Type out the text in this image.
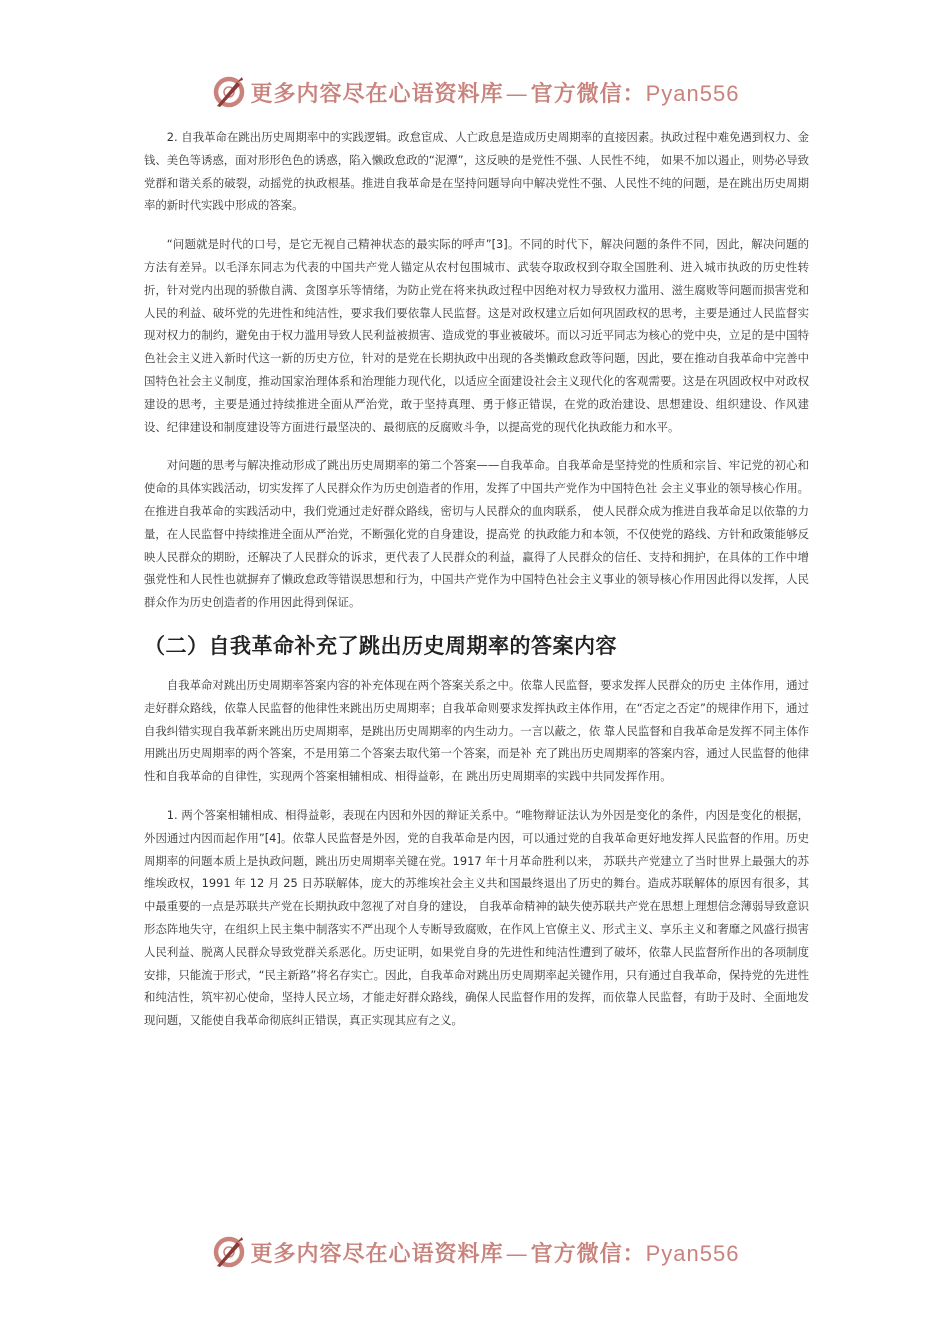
更多内容尽在心语资料库—官方微信：Pyan556

2. 自我革命在跳出历史周期率中的实践逻辑。政怠宦成、人亡政息是造成历史周期率的直接因素。执政过程中难免遇到权力、金钱、美色等诱惑，面对形形色色的诱惑，陷入懒政怠政的“泥潭”，这反映的是党性不强、人民性不纯， 如果不加以遏止，则势必导致党群和谐关系的破裂，动摇党的执政根基。推进自我革命是在坚持问题导向中解决党性不强、人民性不纯的问题，是在跳出历史周期率的新时代实践中形成的答案。

“问题就是时代的口号，是它无视自己精神状态的最实际的呼声”[3]。不同的时代下，解决问题的条件不同，因此，解决问题的方法有差异。以毛泽东同志为代表的中国共产党人锚定从农村包围城市、武装夺取政权到夺取全国胜利、进入城市执政的历史性转折，针对党内出现的骄傲自满、贪图享乐等情绪，为防止党在将来执政过程中因绝对权力导致权力滥用、滋生腐败等问题而损害党和人民的利益、破坏党的先进性和纯洁性，要求我们要依靠人民监督。这是对政权建立后如何巩固政权的思考，主要是通过人民监督实现对权力的制约，避免由于权力滥用导致人民利益被损害、造成党的事业被破坏。而以习近平同志为核心的党中央，立足的是中国特色社会主义进入新时代这一新的历史方位，针对的是党在长期执政中出现的各类懒政怠政等问题，因此，要在推动自我革命中完善中国特色社会主义制度，推动国家治理体系和治理能力现代化，以适应全面建设社会主义现代化的客观需要。这是在巩固政权中对政权建设的思考，主要是通过持续推进全面从严治党，敢于坚持真理、勇于修正错误，在党的政治建设、思想建设、组织建设、作风建设、纪律建设和制度建设等方面进行最坚决的、最彻底的反腐败斗争，以提高党的现代化执政能力和水平。

对问题的思考与解决推动形成了跳出历史周期率的第二个答案——自我革命。自我革命是坚持党的性质和宗旨、牢记党的初心和使命的具体实践活动，切实发挥了人民群众作为历史创造者的作用，发挥了中国共产党作为中国特色社 会主义事业的领导核心作用。在推进自我革命的实践活动中，我们党通过走好群众路线，密切与人民群众的血肉联系， 使人民群众成为推进自我革命足以依靠的力量，在人民监督中持续推进全面从严治党，不断强化党的自身建设，提高党 的执政能力和本领，不仅使党的路线、方针和政策能够反映人民群众的期盼，还解决了人民群众的诉求，更代表了人民群众的利益，赢得了人民群众的信任、支持和拥护，在具体的工作中增强党性和人民性也就摒弃了懒政怠政等错误思想和行为，中国共产党作为中国特色社会主义事业的领导核心作用因此得以发挥，人民群众作为历史创造者的作用因此得到保证。

（二）自我革命补充了跳出历史周期率的答案内容

自我革命对跳出历史周期率答案内容的补充体现在两个答案关系之中。依靠人民监督，要求发挥人民群众的历史 主体作用，通过走好群众路线，依靠人民监督的他律性来跳出历史周期率；自我革命则要求发挥执政主体作用，在“否定之否定”的规律作用下，通过自我纠错实现自我革新来跳出历史周期率，是跳出历史周期率的内生动力。一言以蔽之，依 靠人民监督和自我革命是发挥不同主体作用跳出历史周期率的两个答案，不是用第二个答案去取代第一个答案，而是补 充了跳出历史周期率的答案内容，通过人民监督的他律性和自我革命的自律性，实现两个答案相辅相成、相得益彰，在 跳出历史周期率的实践中共同发挥作用。

1. 两个答案相辅相成、相得益彰，表现在内因和外因的辩证关系中。“唯物辩证法认为外因是变化的条件，内因是变化的根据，外因通过内因而起作用”[4]。依靠人民监督是外因，党的自我革命是内因，可以通过党的自我革命更好地发挥人民监督的作用。历史周期率的问题本质上是执政问题，跳出历史周期率关键在党。1917 年十月革命胜利以来， 苏联共产党建立了当时世界上最强大的苏维埃政权，1991 年 12 月 25 日苏联解体，庞大的苏维埃社会主义共和国最终退出了历史的舞台。造成苏联解体的原因有很多，其中最重要的一点是苏联共产党在长期执政中忽视了对自身的建设， 自我革命精神的缺失使苏联共产党在思想上理想信念薄弱导致意识形态阵地失守，在组织上民主集中制落实不严出现个人专断导致腐败，在作风上官僚主义、形式主义、享乐主义和奢靡之风盛行损害人民利益、脱离人民群众导致党群关系恶化。历史证明，如果党自身的先进性和纯洁性遭到了破坏，依靠人民监督所作出的各项制度安排，只能流于形式，“民主新路”将名存实亡。因此，自我革命对跳出历史周期率起关键作用，只有通过自我革命，保持党的先进性和纯洁性，筑牢初心使命，坚持人民立场，才能走好群众路线，确保人民监督作用的发挥，而依靠人民监督，有助于及时、全面地发现问题，又能使自我革命彻底纠正错误，真正实现其应有之义。

更多内容尽在心语资料库—官方微信：Pyan556
